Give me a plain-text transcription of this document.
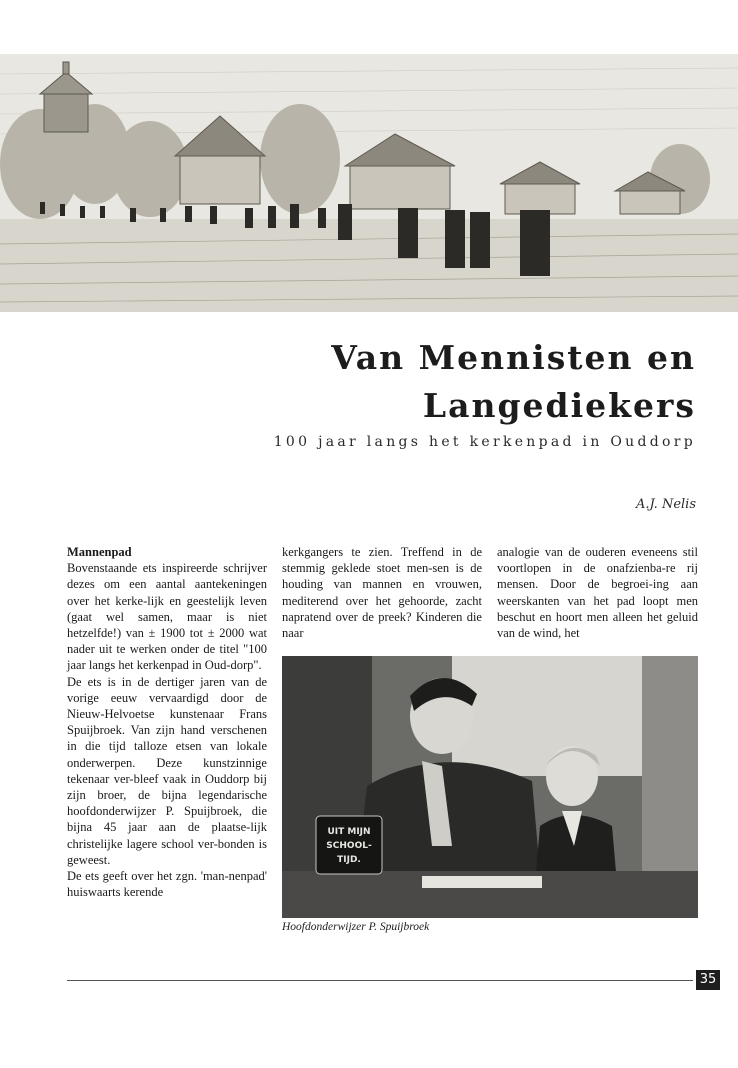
Van Mennisten en
Langediekers
100 jaar langs het kerkenpad in Ouddorp
A.J. Nelis

Mannenpad

Bovenstaande ets inspireerde schrijver dezes om een aantal aantekeningen over het kerke-lijk en geestelijk leven (gaat wel samen, maar is niet hetzelfde!) van ± 1900 tot ± 2000 wat nader uit te werken onder de titel "100 jaar langs het kerkenpad in Oud-dorp".

De ets is in de dertiger jaren van de vorige eeuw vervaardigd door de Nieuw-Helvoetse kunstenaar Frans Spuijbroek. Van zijn hand verschenen in die tijd talloze etsen van lokale onderwerpen. Deze kunstzinnige tekenaar ver-bleef vaak in Ouddorp bij zijn broer, de bijna legendarische hoofdonderwijzer P. Spuijbroek, die bijna 45 jaar aan de plaatse-lijk christelijke lagere school ver-bonden is geweest.

De ets geeft over het zgn. 'man-nenpad' huiswaarts kerende

kerkgangers te zien. Treffend in de stemmig geklede stoet men-sen is de houding van mannen en vrouwen, mediterend over het gehoorde, zacht napratend over de preek? Kinderen die naar

analogie van de ouderen eveneens stil voortlopen in de onafzienba-re rij mensen. Door de begroei-ing aan weerskanten van het pad loopt men beschut en hoort men alleen het geluid van de wind, het

UIT MIJN
SCHOOL-
TIJD.
Hoofdonderwijzer P. Spuijbroek
35
